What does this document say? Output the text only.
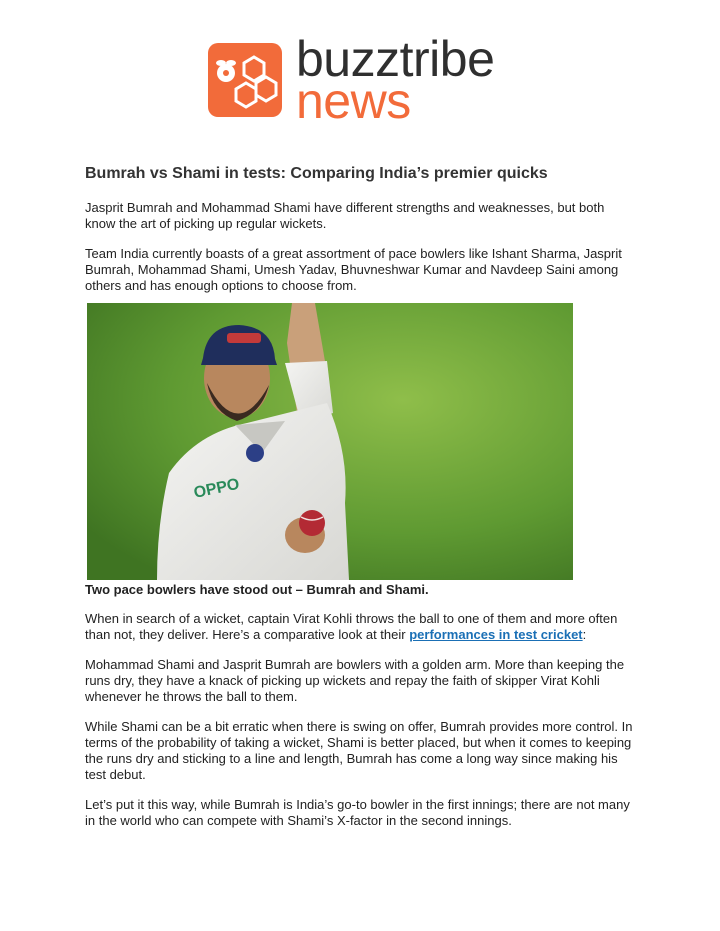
buzztribe
news
Bumrah vs Shami in tests: Comparing India’s premier quicks

Jasprit Bumrah and Mohammad Shami have different strengths and weaknesses, but both know the art of picking up regular wickets.

Team India currently boasts of a great assortment of pace bowlers like Ishant Sharma, Jasprit Bumrah, Mohammad Shami, Umesh Yadav, Bhuvneshwar Kumar and Navdeep Saini among others and has enough options to choose from.

OPPO
Two pace bowlers have stood out – Bumrah and Shami.

When in search of a wicket, captain Virat Kohli throws the ball to one of them and more often than not, they deliver. Here’s a comparative look at their performances in test cricket:

Mohammad Shami and Jasprit Bumrah are bowlers with a golden arm. More than keeping the runs dry, they have a knack of picking up wickets and repay the faith of skipper Virat Kohli whenever he throws the ball to them.

While Shami can be a bit erratic when there is swing on offer, Bumrah provides more control. In terms of the probability of taking a wicket, Shami is better placed, but when it comes to keeping the runs dry and sticking to a line and length, Bumrah has come a long way since making his test debut.

Let’s put it this way, while Bumrah is India’s go-to bowler in the first innings; there are not many in the world who can compete with Shami’s X-factor in the second innings.
